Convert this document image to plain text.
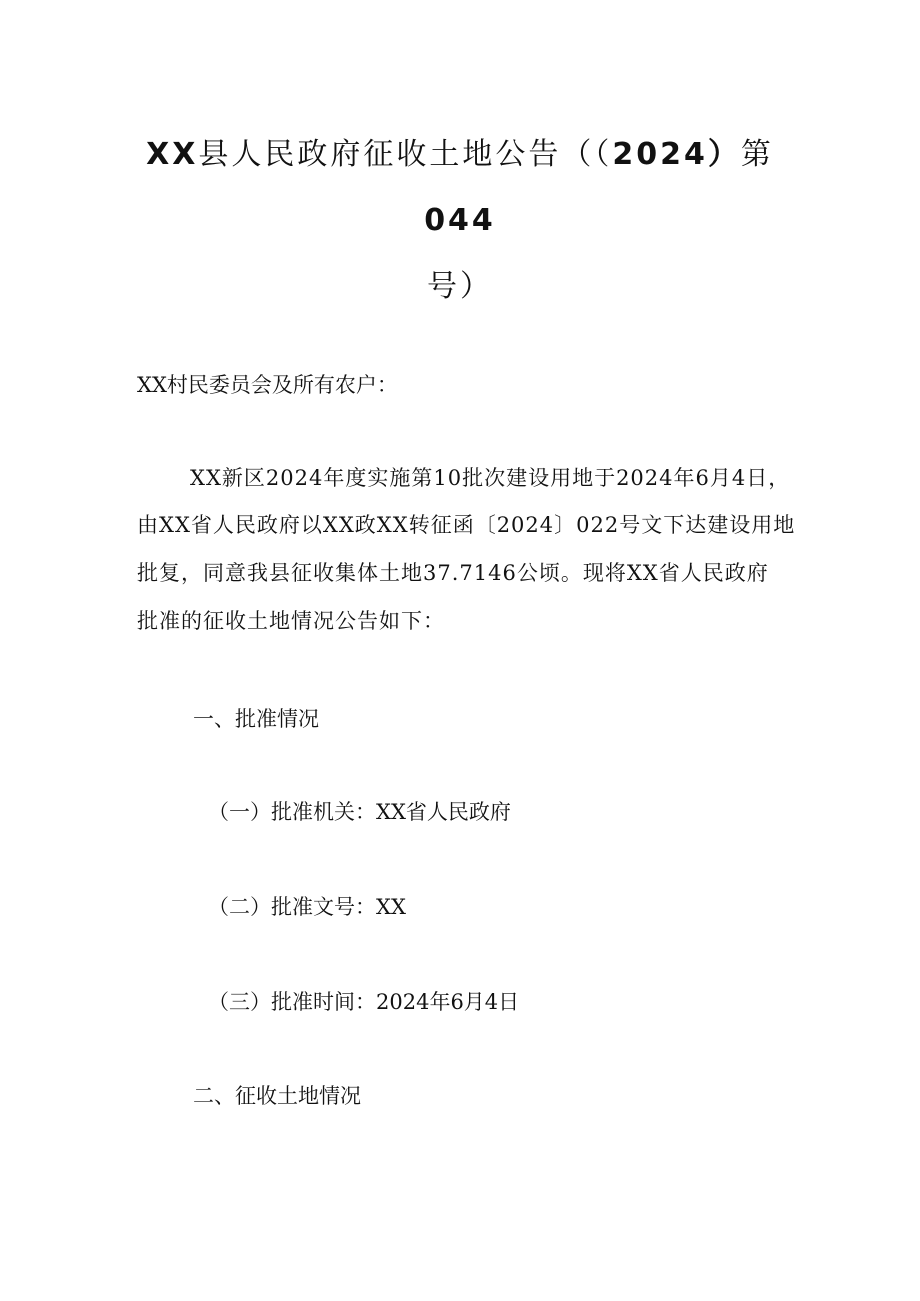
XX县人民政府征收土地公告（（2024）第044
号）

XX村民委员会及所有农户：

XX新区2024年度实施第10批次建设用地于2024年6月4日，

由XX省人民政府以XX政XX转征函〔2024〕022号文下达建设用地

批复，同意我县征收集体土地37.7146公顷。现将XX省人民政府

批准的征收土地情况公告如下：

一、批准情况

（一）批准机关：XX省人民政府

（二）批准文号：XX

（三）批准时间：2024年6月4日

二、征收土地情况
